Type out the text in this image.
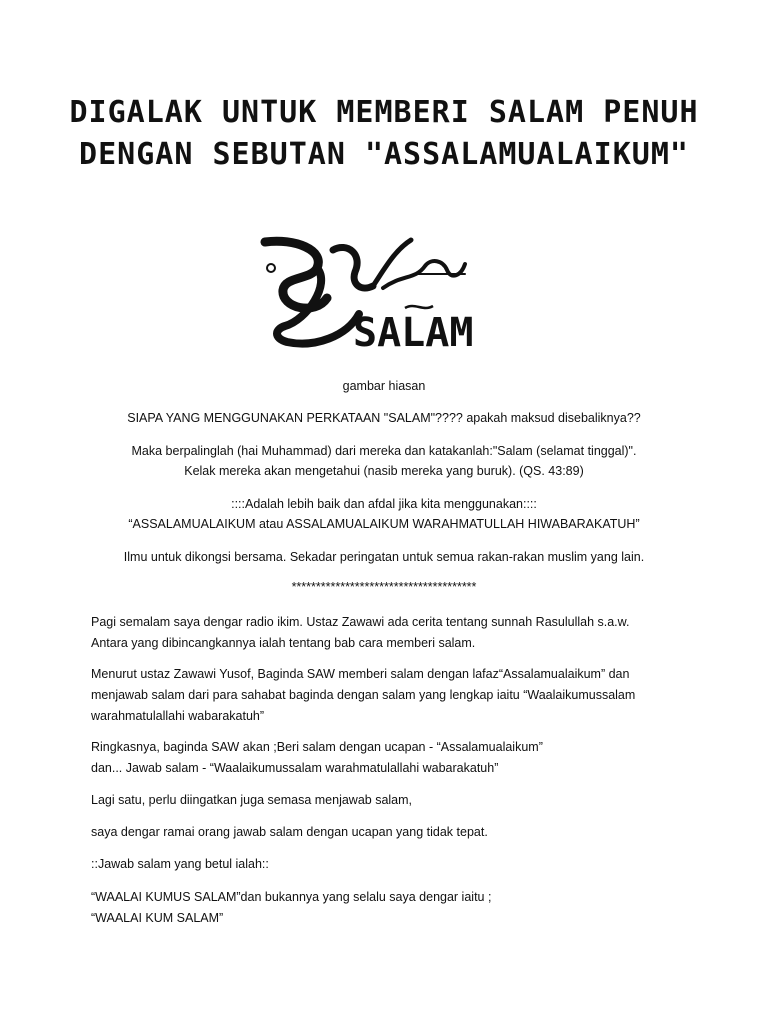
DIGALAK UNTUK MEMBERI SALAM PENUH
DENGAN SEBUTAN "ASSALAMUALAIKUM"
SALAM
gambar hiasan
SIAPA YANG MENGGUNAKAN PERKATAAN "SALAM"???? apakah maksud disebaliknya??
Maka berpalinglah (hai Muhammad) dari mereka dan katakanlah:"Salam (selamat tinggal)".
Kelak mereka akan mengetahui (nasib mereka yang buruk). (QS. 43:89)
::::Adalah lebih baik dan afdal jika kita menggunakan::::
“ASSALAMUALAIKUM atau ASSALAMUALAIKUM WARAHMATULLAH HIWABARAKATUH”
Ilmu untuk dikongsi bersama. Sekadar peringatan untuk semua rakan-rakan muslim yang lain.
**************************************
Pagi semalam saya dengar radio ikim. Ustaz Zawawi ada cerita tentang sunnah Rasulullah s.a.w.
Antara yang dibincangkannya ialah tentang bab cara memberi salam.
Menurut ustaz Zawawi Yusof, Baginda SAW memberi salam dengan lafaz“Assalamualaikum” dan
menjawab salam dari para sahabat baginda dengan salam yang lengkap iaitu “Waalaikumussalam
warahmatulallahi wabarakatuh”
Ringkasnya, baginda SAW akan ;Beri salam dengan ucapan - “Assalamualaikum”
dan... Jawab salam - “Waalaikumussalam warahmatulallahi wabarakatuh”
Lagi satu, perlu diingatkan juga semasa menjawab salam,
saya dengar ramai orang jawab salam dengan ucapan yang tidak tepat.
::Jawab salam yang betul ialah::
“WAALAI KUMUS SALAM”dan bukannya yang selalu saya dengar iaitu ;
“WAALAI KUM SALAM”
